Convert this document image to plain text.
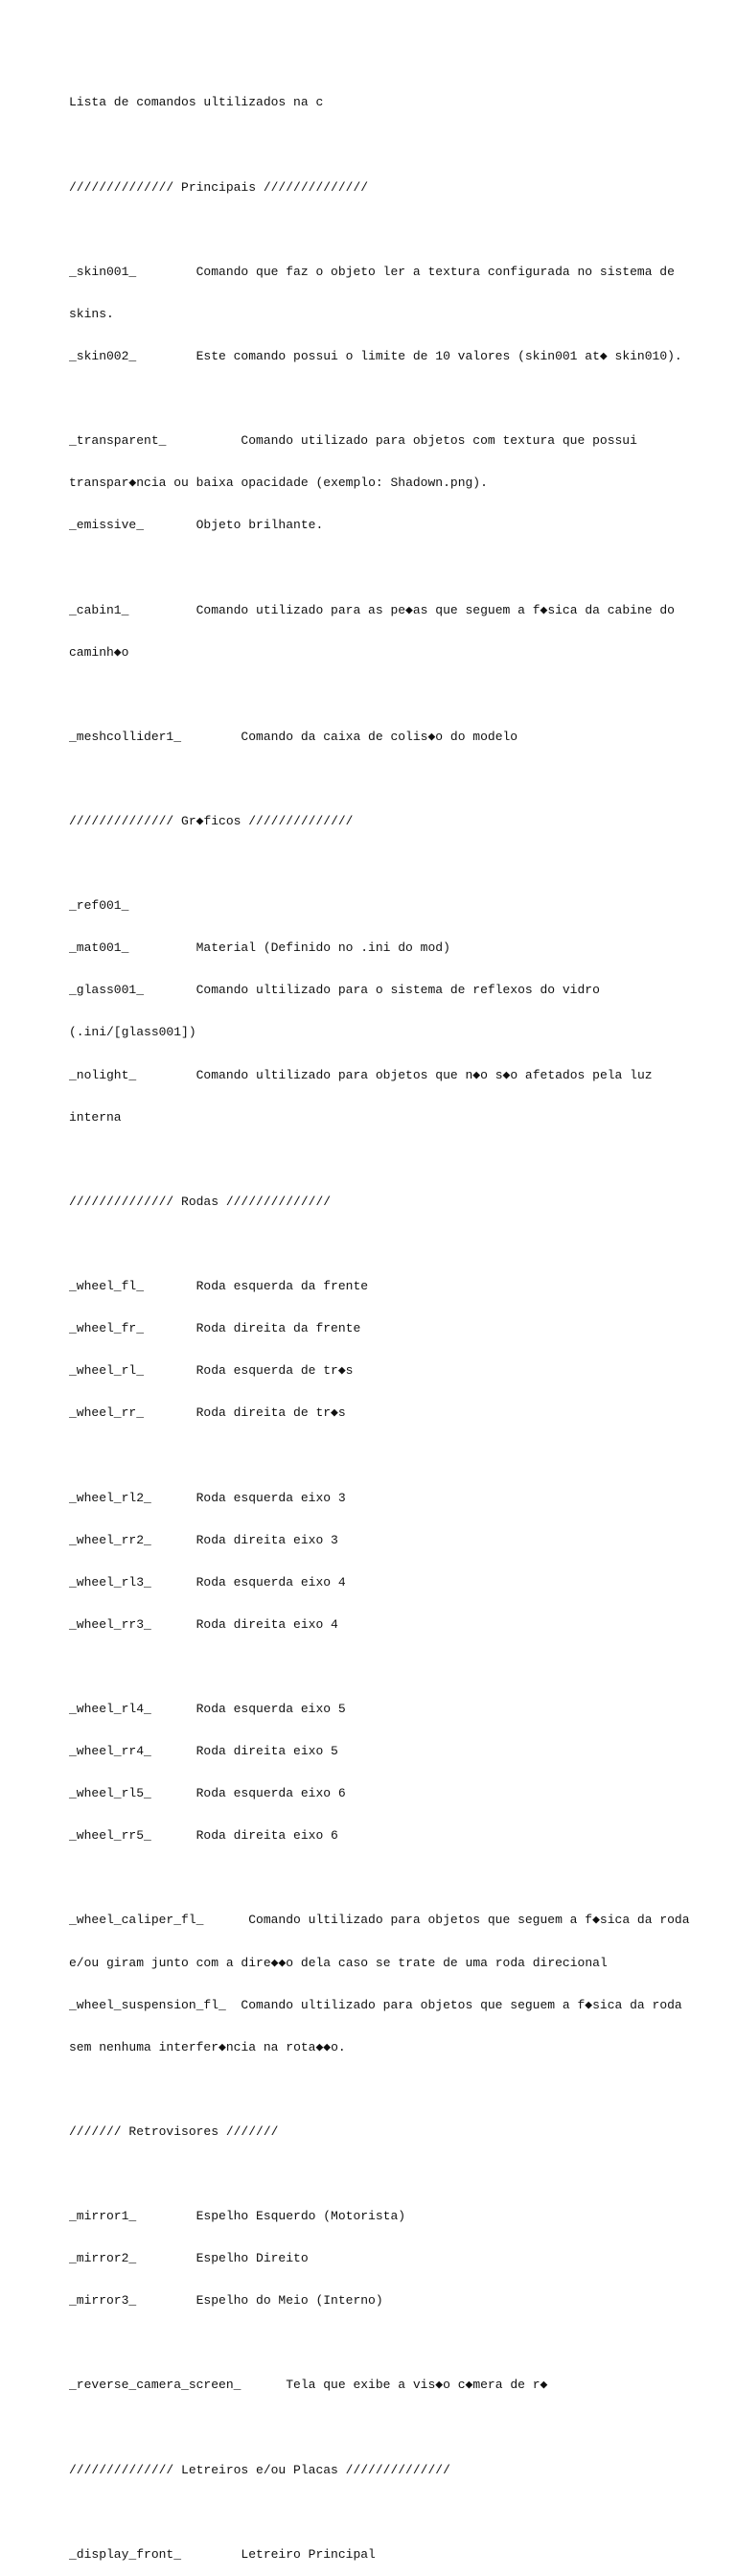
Lista de comandos ultilizados na c

////////////// Principais //////////////

_skin001_        Comando que faz o objeto ler a textura configurada no sistema de

skins.

_skin002_        Este comando possui o limite de 10 valores (skin001 at◆ skin010).

_transparent_          Comando utilizado para objetos com textura que possui

transpar◆ncia ou baixa opacidade (exemplo: Shadown.png).

_emissive_       Objeto brilhante.

_cabin1_         Comando utilizado para as pe◆as que seguem a f◆sica da cabine do

caminh◆o

_meshcollider1_        Comando da caixa de colis◆o do modelo

////////////// Gr◆ficos //////////////

_ref001_

_mat001_         Material (Definido no .ini do mod)

_glass001_       Comando ultilizado para o sistema de reflexos do vidro

(.ini/[glass001])

_nolight_        Comando ultilizado para objetos que n◆o s◆o afetados pela luz

interna

////////////// Rodas //////////////

_wheel_fl_       Roda esquerda da frente

_wheel_fr_       Roda direita da frente

_wheel_rl_       Roda esquerda de tr◆s

_wheel_rr_       Roda direita de tr◆s

_wheel_rl2_      Roda esquerda eixo 3

_wheel_rr2_      Roda direita eixo 3

_wheel_rl3_      Roda esquerda eixo 4

_wheel_rr3_      Roda direita eixo 4

_wheel_rl4_      Roda esquerda eixo 5

_wheel_rr4_      Roda direita eixo 5

_wheel_rl5_      Roda esquerda eixo 6

_wheel_rr5_      Roda direita eixo 6

_wheel_caliper_fl_      Comando ultilizado para objetos que seguem a f◆sica da roda

e/ou giram junto com a dire◆◆o dela caso se trate de uma roda direcional

_wheel_suspension_fl_  Comando ultilizado para objetos que seguem a f◆sica da roda

sem nenhuma interfer◆ncia na rota◆◆o.

/////// Retrovisores ///////

_mirror1_        Espelho Esquerdo (Motorista)

_mirror2_        Espelho Direito

_mirror3_        Espelho do Meio (Interno)

_reverse_camera_screen_      Tela que exibe a vis◆o c◆mera de r◆

////////////// Letreiros e/ou Placas //////////////

_display_front_        Letreiro Principal
